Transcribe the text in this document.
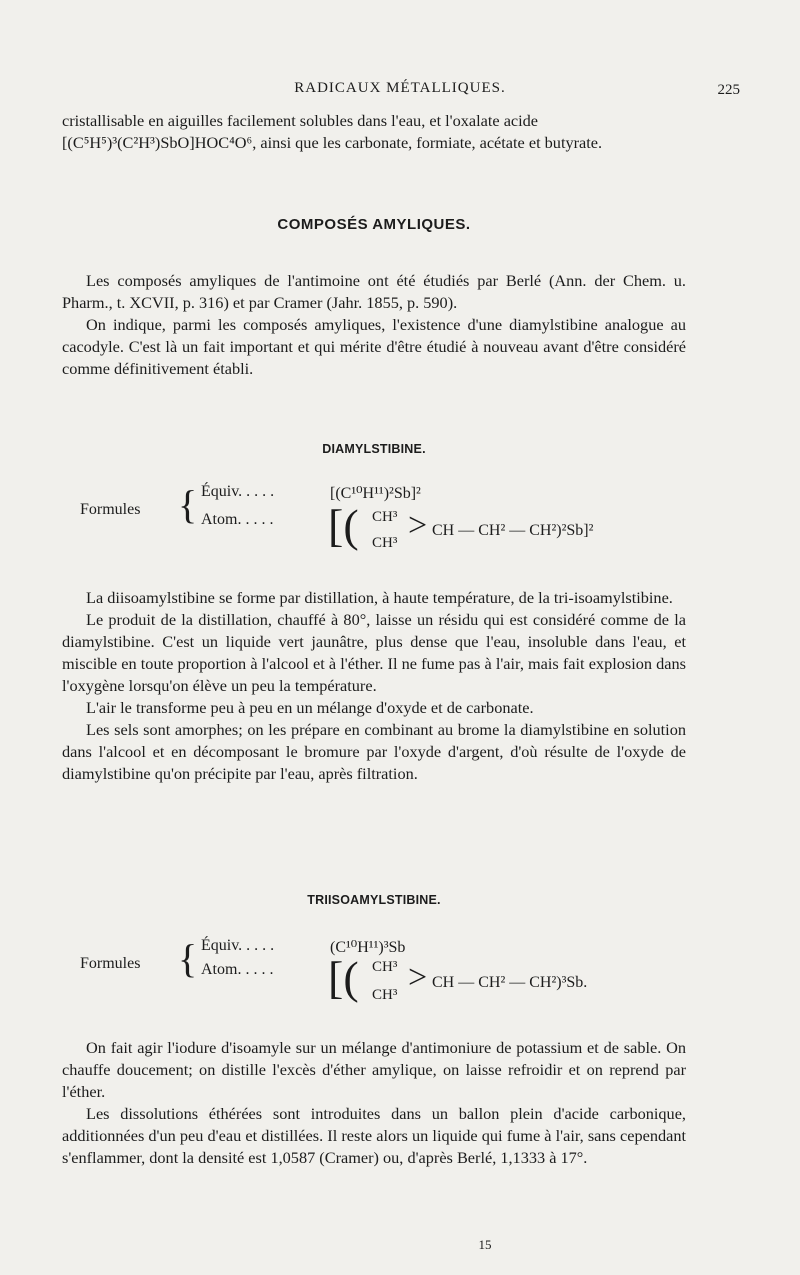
RADICAUX MÉTALLIQUES.	225

cristallisable en aiguilles facilement solubles dans l'eau, et l'oxalate acide

[(C⁵H⁵)³(C²H³)SbO]HOC⁴O⁶, ainsi que les carbonate, formiate, acétate et butyrate.

COMPOSÉS AMYLIQUES.

Les composés amyliques de l'antimoine ont été étudiés par Berlé (Ann. der Chem. u. Pharm., t. XCVII, p. 316) et par Cramer (Jahr. 1855, p. 590).

On indique, parmi les composés amyliques, l'existence d'une diamylstibine analogue au cacodyle. C'est là un fait important et qui mérite d'être étudié à nouveau avant d'être considéré comme définitivement établi.

DIAMYLSTIBINE.
Formules { Équiv. . . . .	[(C¹⁰H¹¹)²Sb]²
Atom. . . . . [( CH³
CH³ > CH — CH² — CH²)²Sb]²

La diisoamylstibine se forme par distillation, à haute température, de la tri-isoamylstibine.

Le produit de la distillation, chauffé à 80°, laisse un résidu qui est considéré comme de la diamylstibine. C'est un liquide vert jaunâtre, plus dense que l'eau, insoluble dans l'eau, et miscible en toute proportion à l'alcool et à l'éther. Il ne fume pas à l'air, mais fait explosion dans l'oxygène lorsqu'on élève un peu la température.

L'air le transforme peu à peu en un mélange d'oxyde et de carbonate.

Les sels sont amorphes; on les prépare en combinant au brome la diamylstibine en solution dans l'alcool et en décomposant le bromure par l'oxyde d'argent, d'où résulte de l'oxyde de diamylstibine qu'on précipite par l'eau, après filtration.

TRIISOAMYLSTIBINE.
Formules { Équiv. . . . .	(C¹⁰H¹¹)³Sb
Atom. . . . . [( CH³
CH³ > CH — CH² — CH²)³Sb.

On fait agir l'iodure d'isoamyle sur un mélange d'antimoniure de potassium et de sable. On chauffe doucement; on distille l'excès d'éther amylique, on laisse refroidir et on reprend par l'éther.

Les dissolutions éthérées sont introduites dans un ballon plein d'acide carbonique, additionnées d'un peu d'eau et distillées. Il reste alors un liquide qui fume à l'air, sans cependant s'enflammer, dont la densité est 1,0587 (Cramer) ou, d'après Berlé, 1,1333 à 17°.

15
